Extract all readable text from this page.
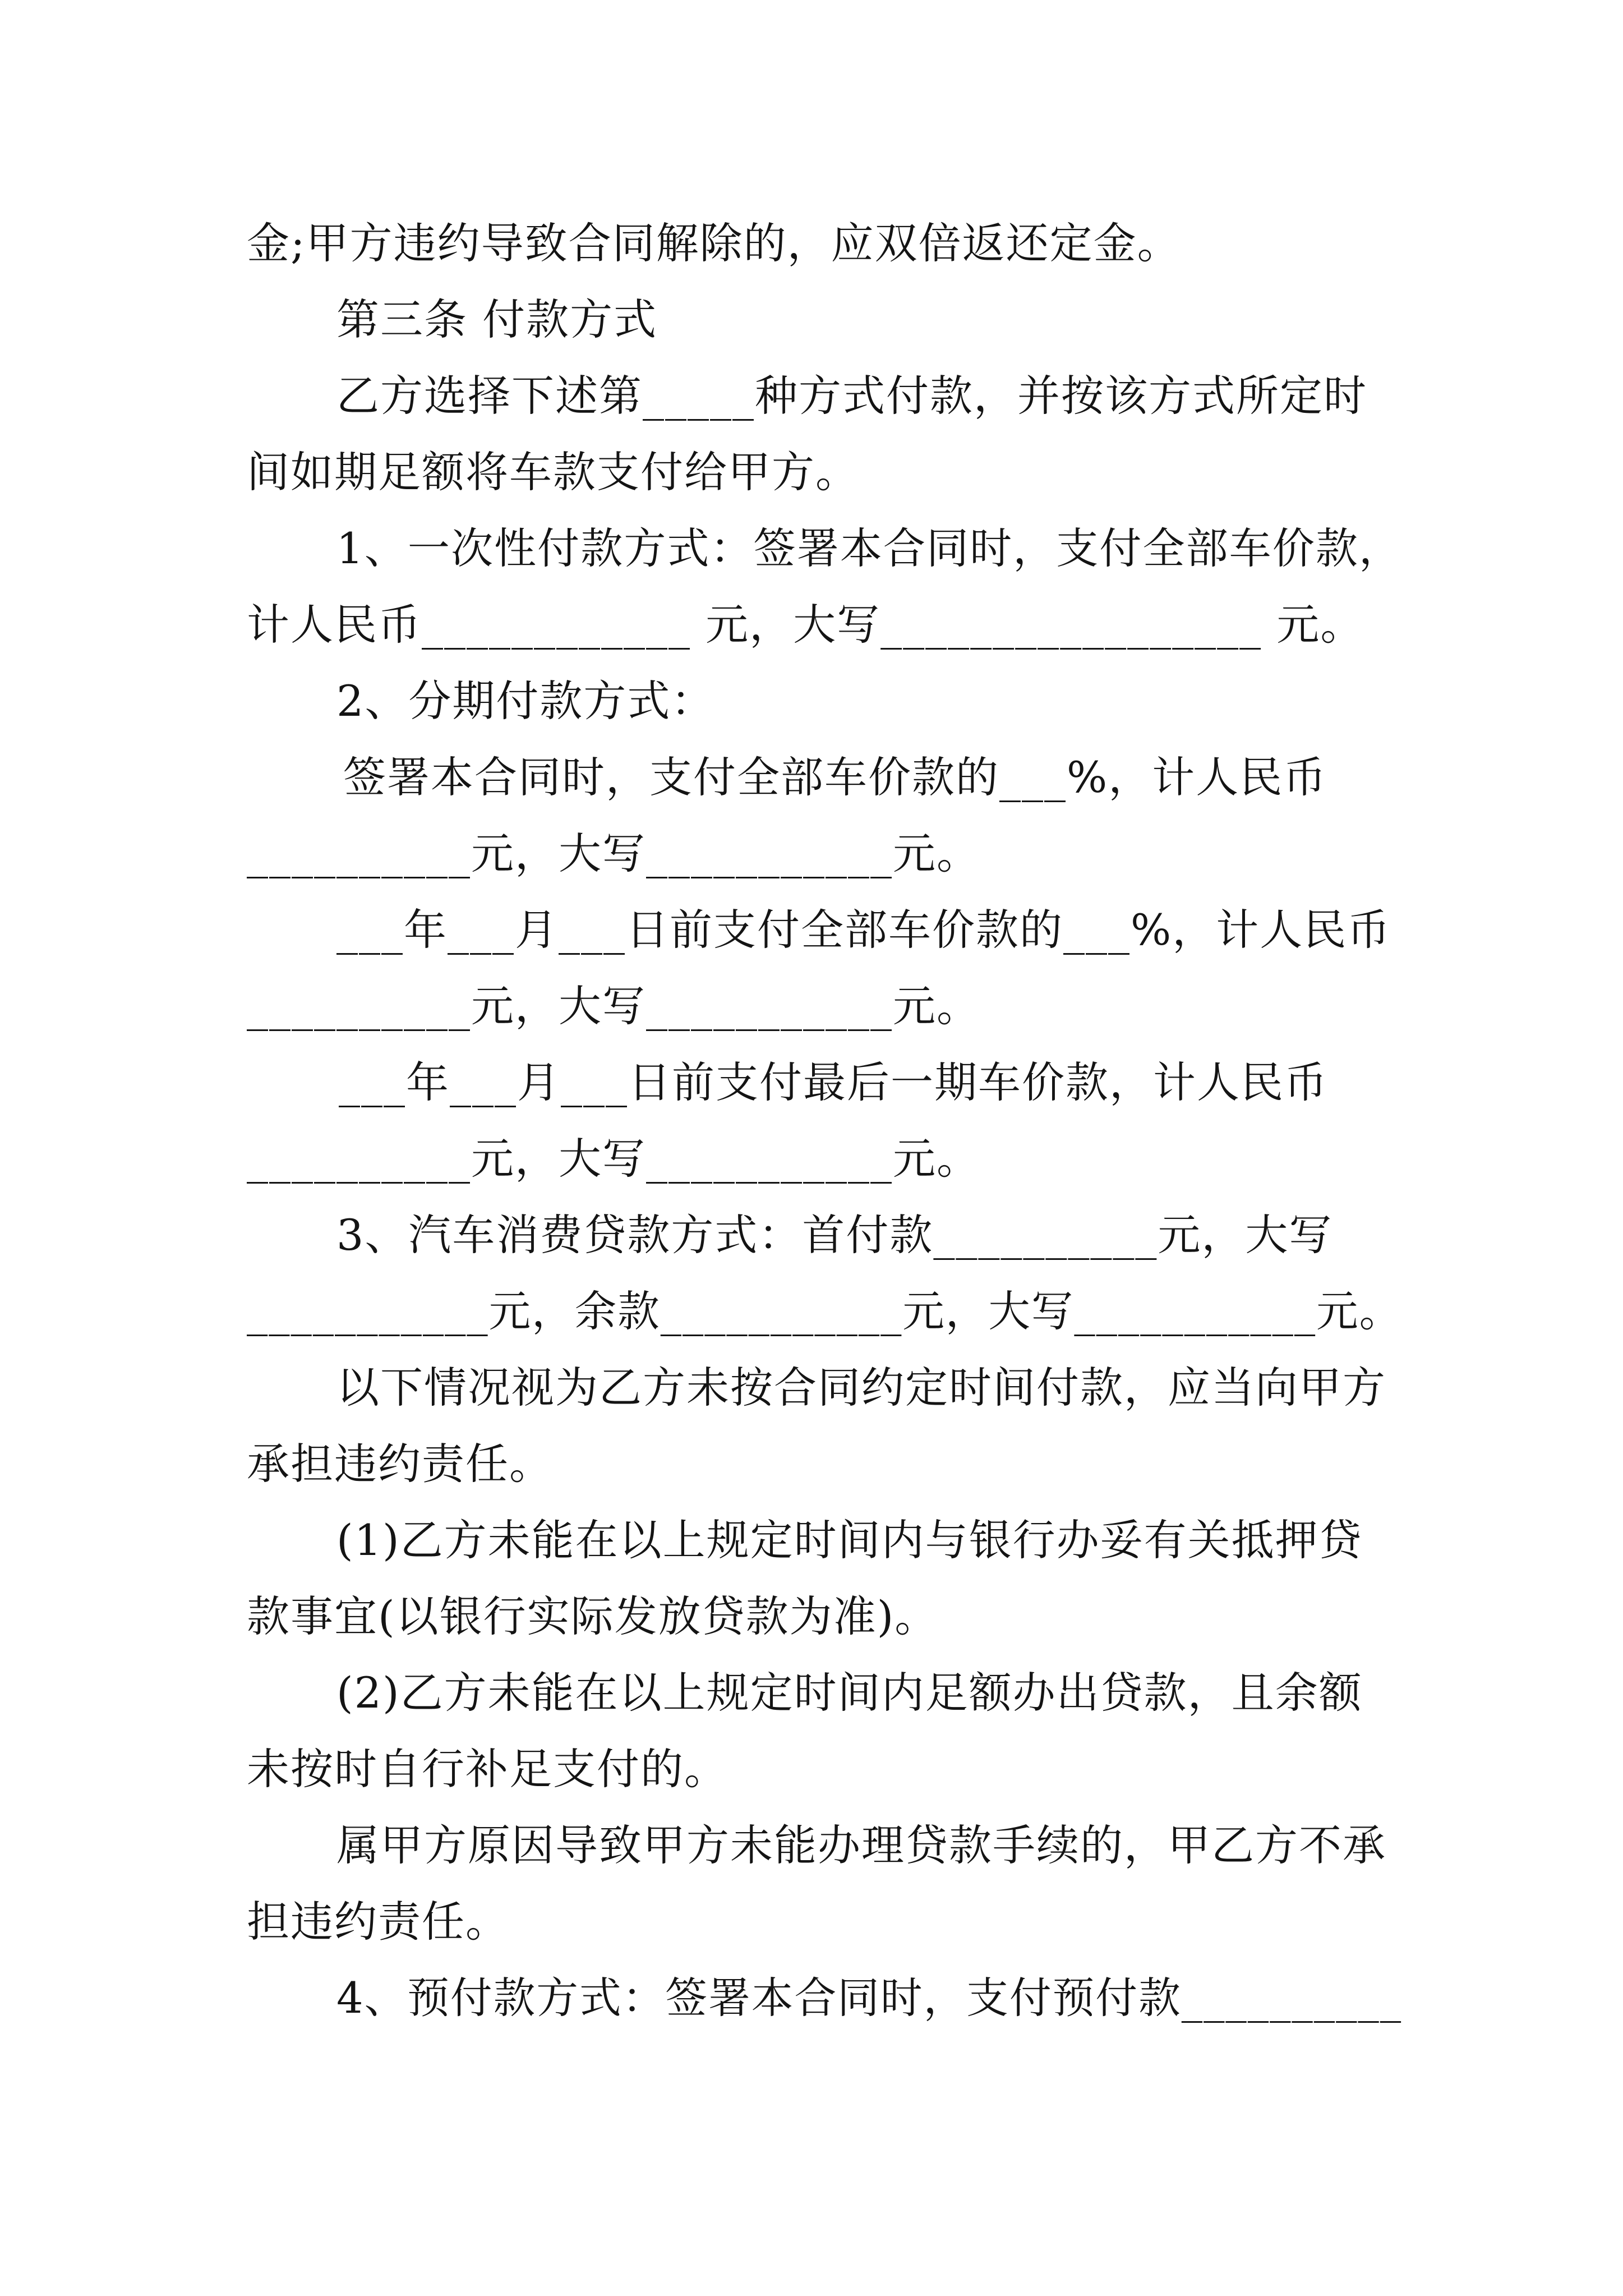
金;甲方违约导致合同解除的，应双倍返还定金。
第三条 付款方式
乙方选择下述第_____种方式付款，并按该方式所定时
间如期足额将车款支付给甲方。
1、一次性付款方式：签署本合同时，支付全部车价款，
计人民币____________ 元，大写_________________ 元。
2、分期付款方式：
签署本合同时，支付全部车价款的___%，计人民币
__________元，大写___________元。
___年___月___日前支付全部车价款的___%，计人民币
__________元，大写___________元。
___年___月___日前支付最后一期车价款，计人民币
__________元，大写___________元。
3、汽车消费贷款方式：首付款__________元，大写
___________元，余款___________元，大写___________元。
以下情况视为乙方未按合同约定时间付款，应当向甲方
承担违约责任。
(1)乙方未能在以上规定时间内与银行办妥有关抵押贷
款事宜(以银行实际发放贷款为准)。
(2)乙方未能在以上规定时间内足额办出贷款，且余额
未按时自行补足支付的。
属甲方原因导致甲方未能办理贷款手续的，甲乙方不承
担违约责任。
4、预付款方式：签署本合同时，支付预付款__________
